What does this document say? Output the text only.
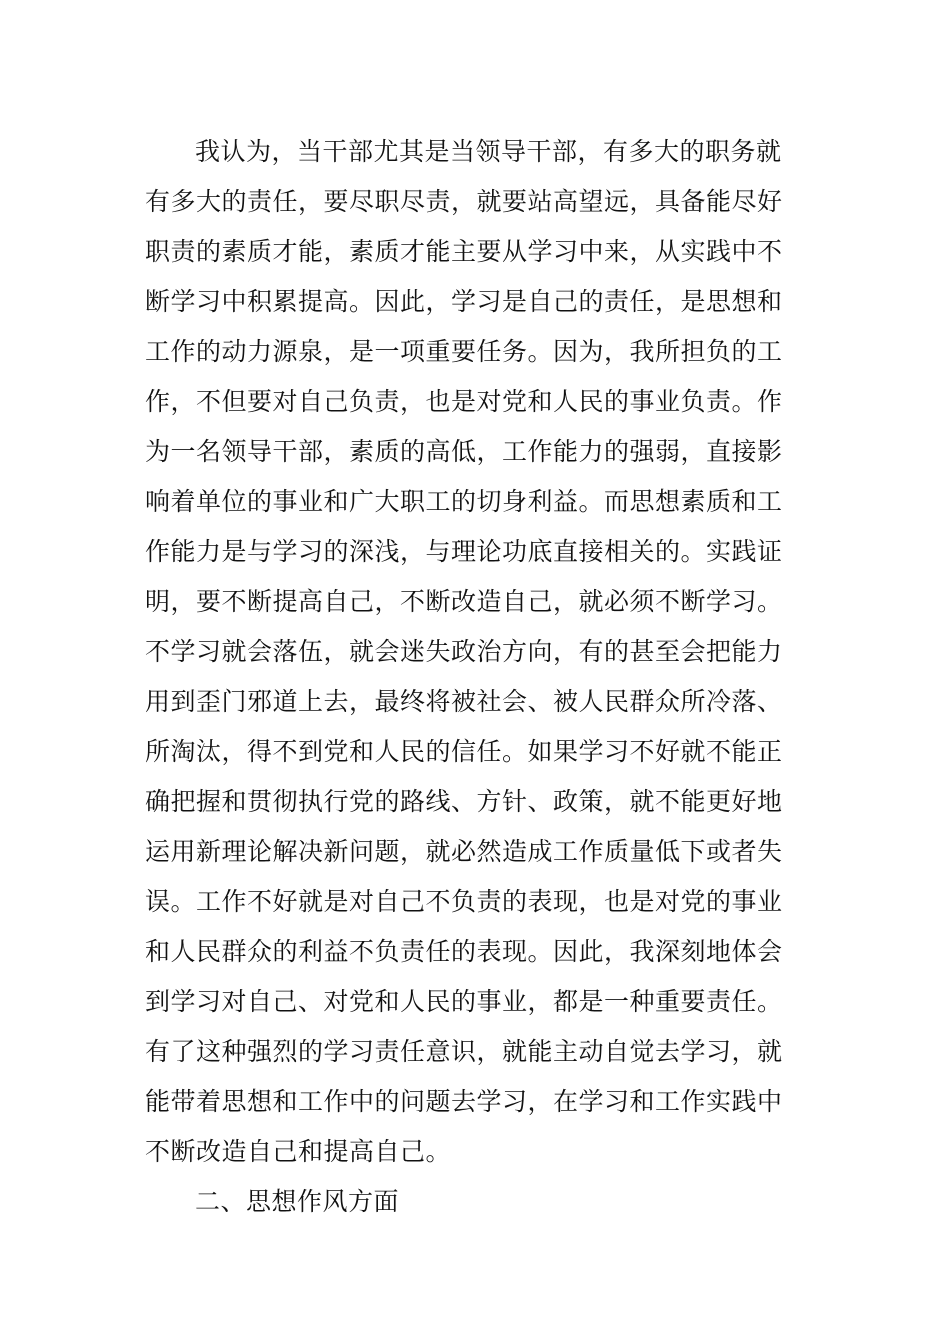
我认为，当干部尤其是当领导干部，有多大的职务就
有多大的责任，要尽职尽责，就要站高望远，具备能尽好
职责的素质才能，素质才能主要从学习中来，从实践中不
断学习中积累提高。因此，学习是自己的责任，是思想和
工作的动力源泉，是一项重要任务。因为，我所担负的工
作，不但要对自己负责，也是对党和人民的事业负责。作
为一名领导干部，素质的高低，工作能力的强弱，直接影
响着单位的事业和广大职工的切身利益。而思想素质和工
作能力是与学习的深浅，与理论功底直接相关的。实践证
明，要不断提高自己，不断改造自己，就必须不断学习。
不学习就会落伍，就会迷失政治方向，有的甚至会把能力
用到歪门邪道上去，最终将被社会、被人民群众所冷落、
所淘汰，得不到党和人民的信任。如果学习不好就不能正
确把握和贯彻执行党的路线、方针、政策，就不能更好地
运用新理论解决新问题，就必然造成工作质量低下或者失
误。工作不好就是对自己不负责的表现，也是对党的事业
和人民群众的利益不负责任的表现。因此，我深刻地体会
到学习对自己、对党和人民的事业，都是一种重要责任。
有了这种强烈的学习责任意识，就能主动自觉去学习，就
能带着思想和工作中的问题去学习，在学习和工作实践中
不断改造自己和提高自己。
二、思想作风方面
